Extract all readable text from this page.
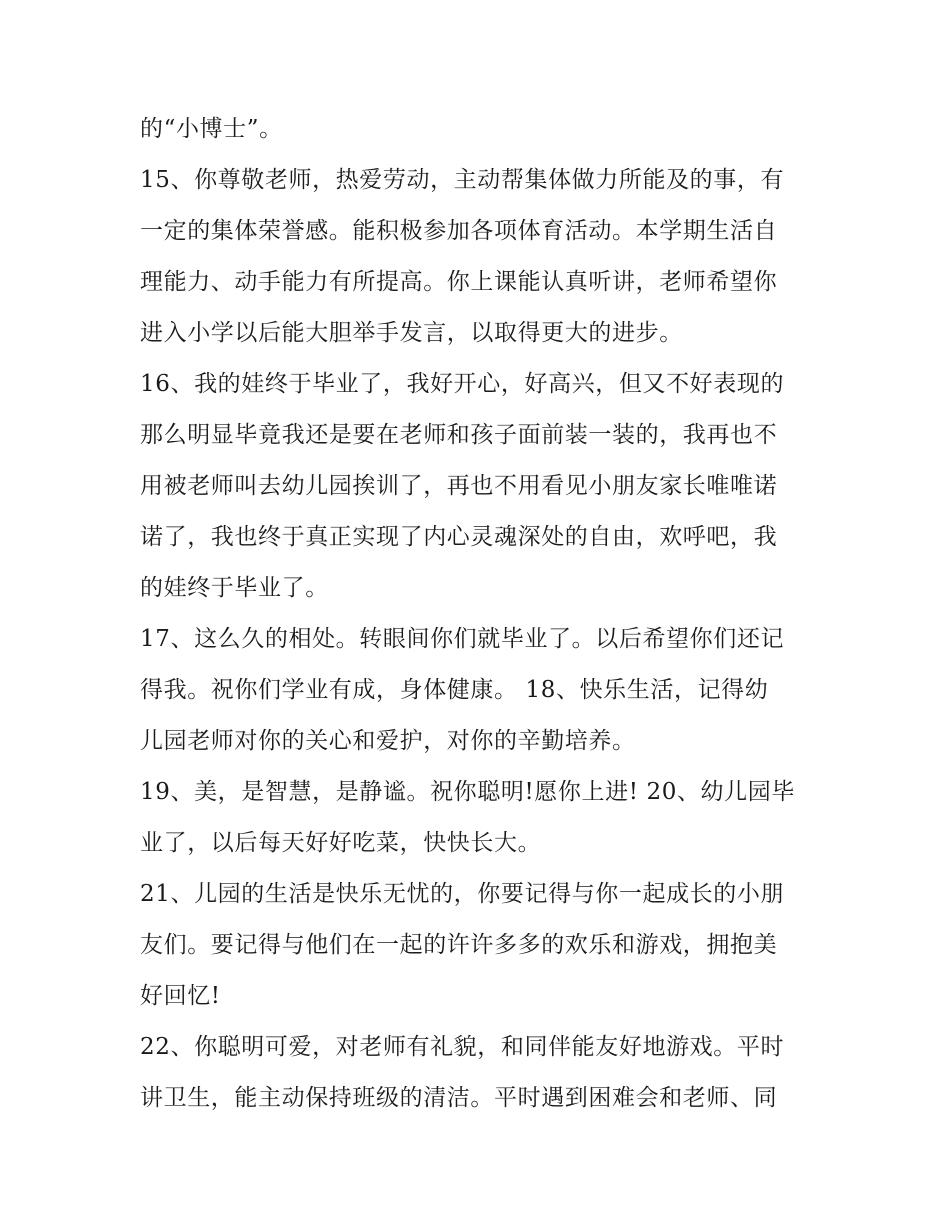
的“小博士”。
15、你尊敬老师，热爱劳动，主动帮集体做力所能及的事，有
一定的集体荣誉感。能积极参加各项体育活动。本学期生活自
理能力、动手能力有所提高。你上课能认真听讲，老师希望你
进入小学以后能大胆举手发言，以取得更大的进步。
16、我的娃终于毕业了，我好开心，好高兴，但又不好表现的
那么明显毕竟我还是要在老师和孩子面前装一装的，我再也不
用被老师叫去幼儿园挨训了，再也不用看见小朋友家长唯唯诺
诺了，我也终于真正实现了内心灵魂深处的自由，欢呼吧，我
的娃终于毕业了。
17、这么久的相处。转眼间你们就毕业了。以后希望你们还记
得我。祝你们学业有成，身体健康。 18、快乐生活，记得幼
儿园老师对你的关心和爱护，对你的辛勤培养。
19、美，是智慧，是静谧。祝你聪明!愿你上进! 20、幼儿园毕
业了，以后每天好好吃菜，快快长大。
21、儿园的生活是快乐无忧的，你要记得与你一起成长的小朋
友们。要记得与他们在一起的许许多多的欢乐和游戏，拥抱美
好回忆!
22、你聪明可爱，对老师有礼貌，和同伴能友好地游戏。平时
讲卫生，能主动保持班级的清洁。平时遇到困难会和老师、同
